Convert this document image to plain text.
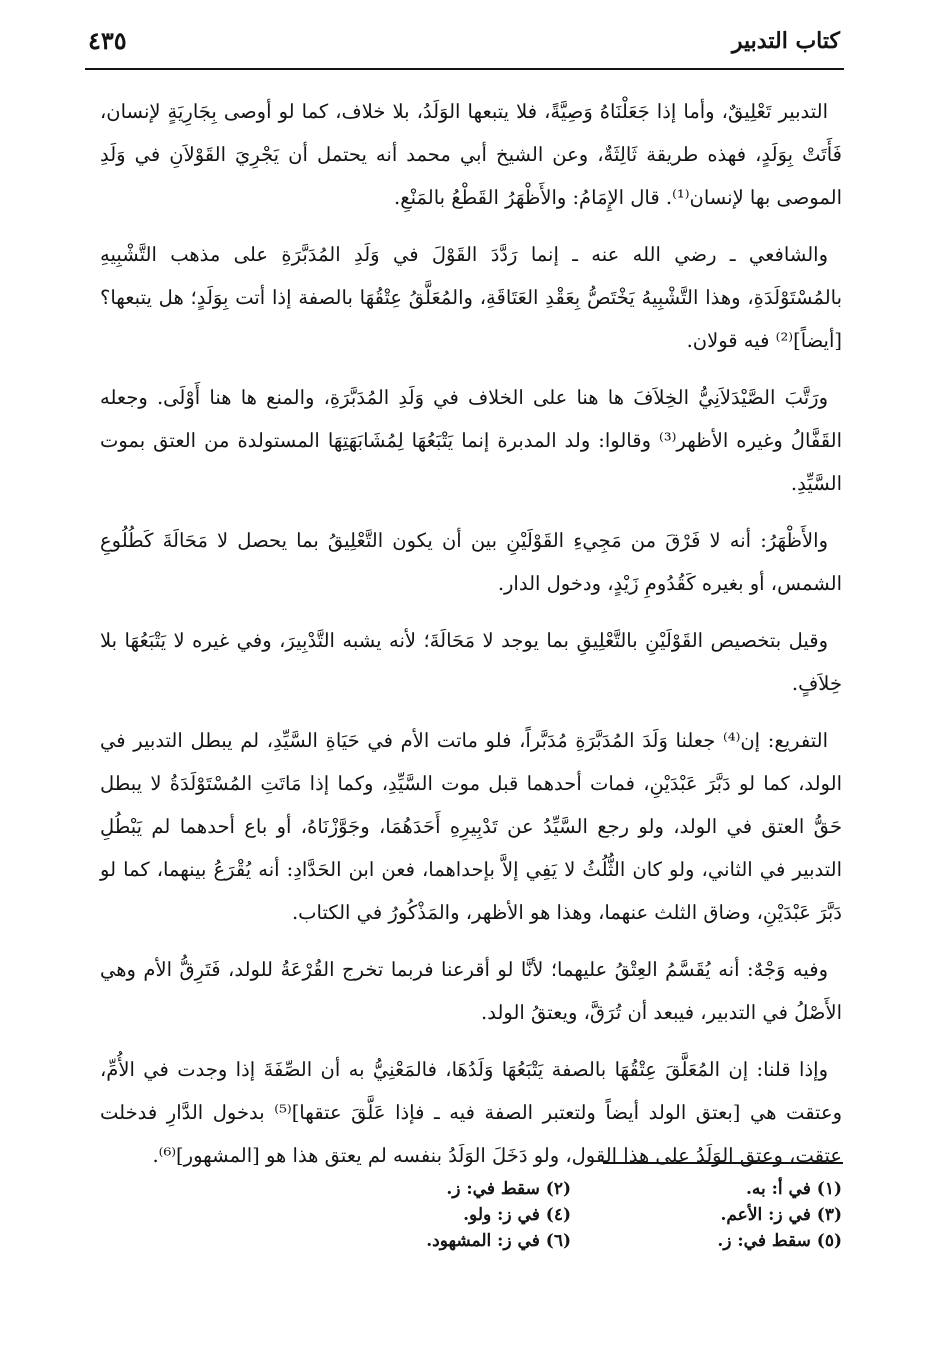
كتاب التدبير
٤٣٥

التدبير تَعْلِيقٌ، وأما إذا جَعَلْنَاهُ وَصِيَّةً، فلا يتبعها الوَلَدُ، بلا خلاف، كما لو أوصى بِجَارِيَةٍ لإنسان، فَأَتَتْ بِوَلَدٍ، فهذه طريقة ثَالِثَةٌ، وعن الشيخ أبي محمد أنه يحتمل أن يَجْرِيَ القَوْلاَنِ في وَلَدِ الموصى بها لإنسان⁽¹⁾. قال الإِمَامُ: والأَظْهَرُ القَطْعُ بالمَنْعِ.

والشافعي ـ رضي الله عنه ـ إنما رَدَّدَ القَوْلَ في وَلَدِ المُدَبَّرَةِ على مذهب التَّشْبِيهِ بالمُسْتَوْلَدَةِ، وهذا التَّشْبِيهُ يَخْتَصُّ بِعَقْدِ العَتَاقَةِ، والمُعَلَّقُ عِتْقُهَا بالصفة إذا أتت بِوَلَدٍ؛ هل يتبعها؟ [أيضاً]⁽²⁾ فيه قولان.

ورَتَّبَ الصَّيْدَلاَنِيُّ الخِلاَفَ ها هنا على الخلاف في وَلَدِ المُدَبَّرَةِ، والمنع ها هنا أَوْلَى. وجعله القَفَّالُ وغيره الأظهر⁽³⁾ وقالوا: ولد المدبرة إنما يَتْبَعُهَا لِمُشَابَهَتِهَا المستولدة من العتق بموت السَّيِّدِ.

والأَظْهَرُ: أنه لا فَرْقَ من مَجِيءِ القَوْلَيْنِ بين أن يكون التَّعْلِيقُ بما يحصل لا مَحَالَةَ كَطُلُوعِ الشمس، أو بغيره كَقُدُومِ زَيْدٍ، ودخول الدار.

وقيل بتخصيص القَوْلَيْنِ بالتَّعْلِيقِ بما يوجد لا مَحَالَةَ؛ لأنه يشبه التَّدْبِيرَ، وفي غيره لا يَتْبَعُهَا بلا خِلاَفٍ.

التفريع: إن⁽⁴⁾ جعلنا وَلَدَ المُدَبَّرَةِ مُدَبَّراً، فلو ماتت الأم في حَيَاةِ السَّيِّدِ، لم يبطل التدبير في الولد، كما لو دَبَّرَ عَبْدَيْنِ، فمات أحدهما قبل موت السَّيِّدِ، وكما إذا مَاتَتِ المُسْتَوْلَدَةُ لا يبطل حَقُّ العتق في الولد، ولو رجع السَّيِّدُ عن تَدْبِيرِهِ أَحَدَهُمَا، وجَوَّزْنَاهُ، أو باع أحدهما لم يَبْطُلِ التدبير في الثاني، ولو كان الثُّلُثُ لا يَفِي إلاَّ بإحداهما، فعن ابن الحَدَّادِ: أنه يُقْرَعُ بينهما، كما لو دَبَّرَ عَبْدَيْنِ، وضاق الثلث عنهما، وهذا هو الأظهر، والمَذْكُورُ في الكتاب.

وفيه وَجْهٌ: أنه يُقَسَّمُ العِتْقُ عليهما؛ لأنَّا لو أقرعنا فربما تخرج القُرْعَةُ للولد، فَتَرِقُّ الأم وهي الأَصْلُ في التدبير، فيبعد أن تُرَقَّ، ويعتقُ الولد.

وإذا قلنا: إن المُعَلَّقَ عِتْقُهَا بالصفة يَتْبَعُهَا وَلَدُهَا، فالمَعْنِيُّ به أن الصِّفَةَ إذا وجدت في الأُمِّ، وعتقت هي [بعتق الولد أيضاً ولتعتبر الصفة فيه ـ فإذا عَلَّقَ عتقها]⁽⁵⁾ بدخول الدَّارِ فدخلت عتقت، وعتق الوَلَدُ على هذا القول، ولو دَخَلَ الوَلَدُ بنفسه لم يعتق هذا هو [المشهور]⁽⁶⁾.

(١) في أ: به.
(٢) سقط في: ز.
(٣) في ز: الأعم.
(٤) في ز: ولو.
(٥) سقط في: ز.
(٦) في ز: المشهود.
